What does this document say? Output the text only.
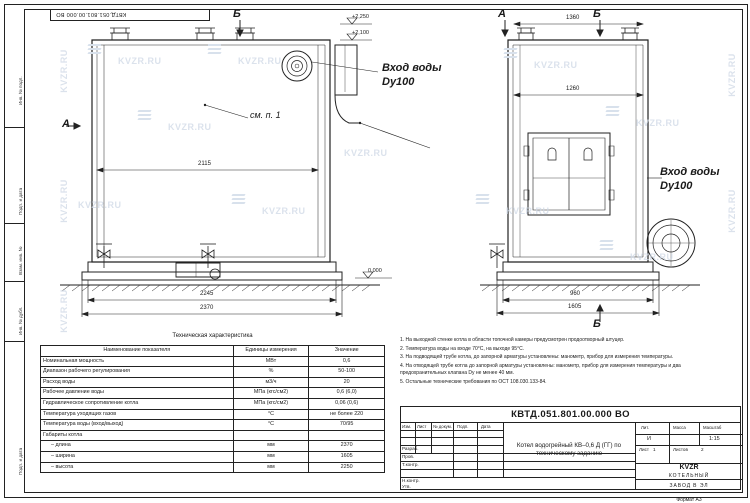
Инв. № подл.
Подп. и дата
Взам. инв. №
Инв. № дубл.
Подп. и дата
КВТД.051.801.00.000 ВО
KVZR.RU	KVZR.RU
KVZR.RU
KVZR.RU
KVZR.RU
KVZR.RU
KVZR.RU
KVZR.RU
KVZR.RU
KVZR.RU
KVZR.RU
KVZR.RU
KVZR.RU
KVZR.RU
KVZR.RU
Б
А
см. п. 1
Вход воды
Dy100
+2,250
+2,100
0,000
2115
2245
2370
А	Б
Б
Вход воды
Dy100
1360
1260
960
1605
Техническая характеристика
Наименование показателя	Единицы измерения	Значение
Номинальная мощность	МВт	0,6
Диапазон рабочего регулирования	%	50-100
Расход воды	м3/ч	20
Рабочее давление воды	МПа (кгс/см2)	0,6 (6,0)
Гидравлическое сопротивление котла	МПа (кгс/см2)	0,06 (0,6)
Температура уходящих газов	°С	не более 220
Температура воды (вход/выход)	°С	70/95
Габариты котла		
– длина	мм	2370
– ширина	мм	1605
– высота	мм	2250
1. На выходной стенке котла в области топочной камеры предусмотрен продоотворный штуцер.
2. Температура воды на входе 70°С, на выходе 95°С.
3. На подводящей трубе котла, до запорной арматуры установлены: манометр, прибор для измерения температуры.
4. На отводящей трубе котла до запорной арматуры установлены: манометр, прибор для измерения температуры и два предохранительных клапана Dy не менее 40 мм.
5. Остальные технические требования по ОСТ 108.030.133-84.
КВТД.051.801.00.000 ВО
Изм. Лист № докум. Подп.	Дата
Разраб.
Пров.
Т.контр.
Н.контр.
Утв.
Котел водогрейный КВ–0,6 Д (ГГ) по техническому заданию
Лит.	Масса	Масштаб
И	1:15
Лист 1	Листов	2
KVZR
КОТЕЛЬНЫЙ
ЗАВОД В ЭЛ
Формат А3
